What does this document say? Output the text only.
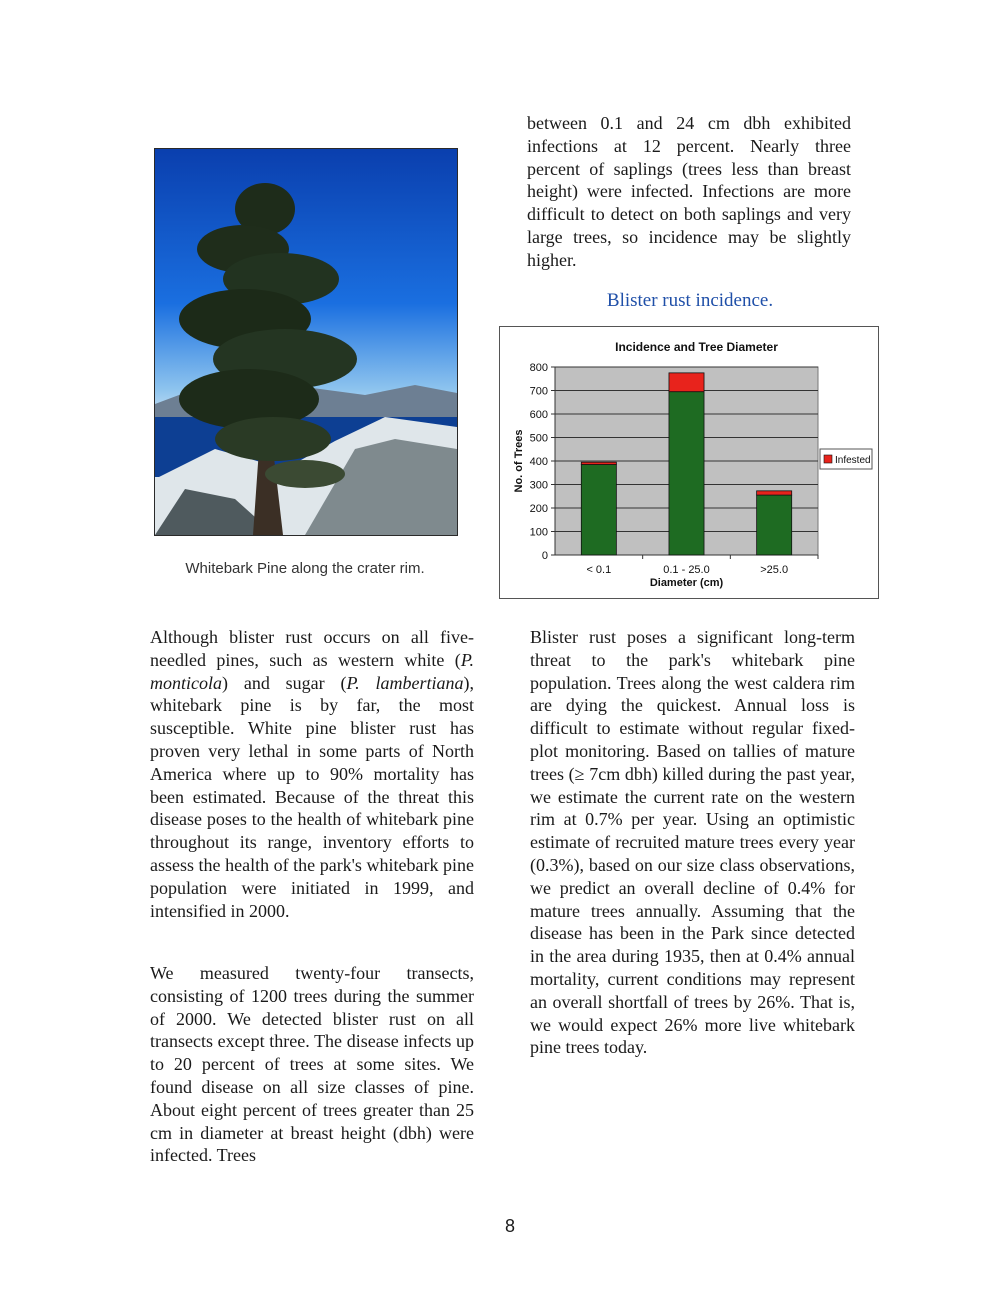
Whitebark Pine along the crater rim.
between 0.1 and 24 cm dbh exhibited infections at 12 percent. Nearly three percent of saplings (trees less than breast height) were infected. Infections are more difficult to detect on both saplings and very large trees, so incidence may be slightly higher.
Blister rust incidence.
0
100
200
300
400
500
600
700
800
< 0.1	0.1 - 25.0	>25.0
Incidence and Tree Diameter
Diameter (cm)
No. of Trees	Infested
Although blister rust occurs on all five-needled pines, such as western white (P. monticola) and sugar (P. lambertiana), whitebark pine is by far, the most susceptible. White pine blister rust has proven very lethal in some parts of North America where up to 90% mortality has been estimated. Because of the threat this disease poses to the health of whitebark pine throughout its range, inventory efforts to assess the health of the park's whitebark pine population were initiated in 1999, and intensified in 2000.
We measured twenty-four transects, consisting of 1200 trees during the summer of 2000. We detected blister rust on all transects except three. The disease infects up to 20 percent of trees at some sites. We found disease on all size classes of pine. About eight percent of trees greater than 25 cm in diameter at breast height (dbh) were infected. Trees
Blister rust poses a significant long-term threat to the park's whitebark pine population. Trees along the west caldera rim are dying the quickest. Annual loss is difficult to estimate without regular fixed-plot monitoring. Based on tallies of mature trees (≥ 7cm dbh) killed during the past year, we estimate the current rate on the western rim at 0.7% per year. Using an optimistic estimate of recruited mature trees every year (0.3%), based on our size class observations, we predict an overall decline of 0.4% for mature trees annually. Assuming that the disease has been in the Park since detected in the area during 1935, then at 0.4% annual mortality, current conditions may represent an overall shortfall of trees by 26%. That is, we would expect 26% more live whitebark pine trees today.
8
